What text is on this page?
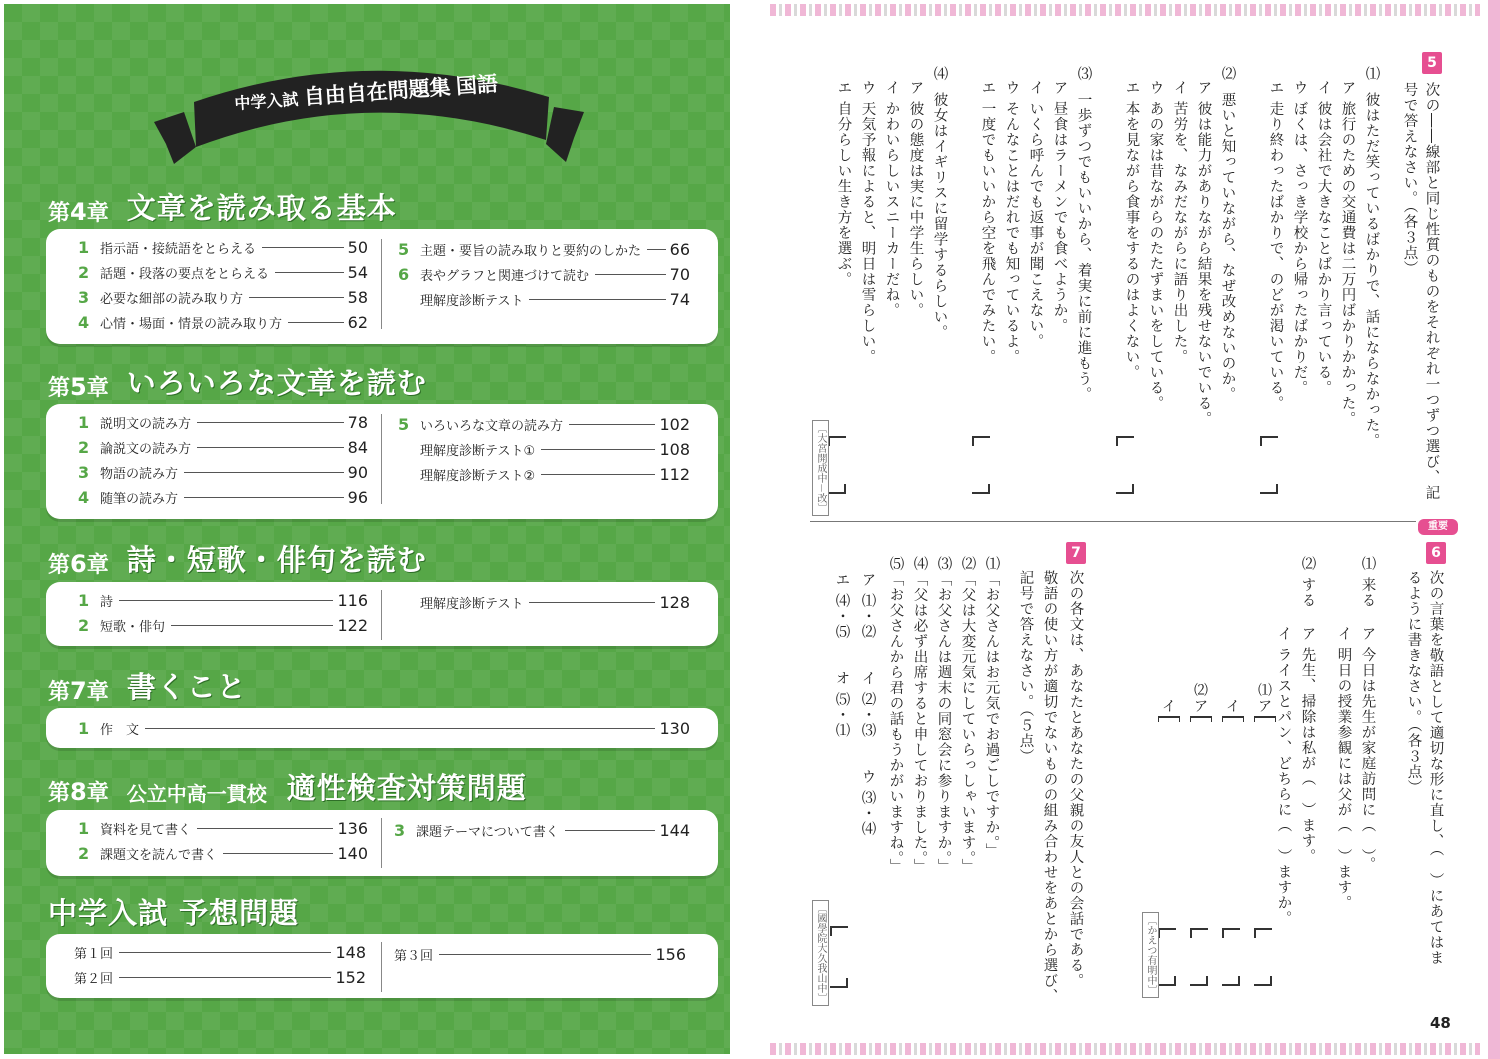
中学入試 自由自在問題集 国語
第4章 文章を読み取る基本
1 指示語・接続語をとらえる	50
2 話題・段落の要点をとらえる	54
3 必要な細部の読み取り方	58
4 心情・場面・情景の読み取り方	62
5 主題・要旨の読み取りと要約のしかた 66
6 表やグラフと関連づけて読む	70
理解度診断テスト	74
第5章 いろいろな文章を読む
1 説明文の読み方	78
2 論説文の読み方	84
3 物語の読み方	90
4 随筆の読み方	96
5 いろいろな文章の読み方	102
理解度診断テスト①	108
理解度診断テスト②	112
第6章 詩・短歌・俳句を読む
1 詩	116
2 短歌・俳句	122
理解度診断テスト	128
第7章 書くこと
1 作　文	130
第8章 公立中高一貫校 適性検査対策問題
1 資料を見て書く	136
2 課題文を読んで書く	140
3 課題テーマについて書く	144
中学入試 予想問題
第１回	148
第２回	152
第３回	156
5
次の――線部と同じ性質のものをそれぞれ一つずつ選び、記
号で答えなさい。（各３点）
⑴
彼はただ笑っているばかりで、話にならなかった。
ア 旅行のための交通費は二万円ばかりかかった。
イ 彼は会社で大きなことばかり言っている。
ウ ぼくは、さっき学校から帰ったばかりだ。
エ 走り終わったばかりで、のどが渇いている。
⑵
悪いと知っていながら、なぜ改めないのか。
ア 彼は能力がありながら結果を残せないでいる。
イ 苦労を、なみだながらに語り出した。
ウ あの家は昔ながらのたたずまいをしている。
エ 本を見ながら食事をするのはよくない。
⑶
一歩ずつでもいいから、着実に前に進もう。
ア 昼食はラーメンでも食べようか。
イ いくら呼んでも返事が聞こえない。
ウ そんなことはだれでも知っているよ。
エ 一度でもいいから空を飛んでみたい。
⑷
彼女はイギリスに留学するらしい。
ア 彼の態度は実に中学生らしい。
イ かわいらしいスニーカーだね。
ウ 天気予報によると、明日は雪らしい。
エ 自分らしい生き方を選ぶ。
〔大宮開成中－改〕
重要
6
次の言葉を敬語として適切な形に直し、（　）にあてはま
るように書きなさい。（各３点）
⑴ 来る
ア 今日は先生が家庭訪問に（　）。
イ 明日の授業参観には父が（　）ます。
⑵ する
ア 先生、掃除は私が（　）ます。
イ ライスとパン、どちらに（　）ますか。
⑴
ア
イ
⑵
ア
イ
〔かえつ有明中〕
7
次の各文は、あなたとあなたの父親の友人との会話である。
敬語の使い方が適切でないものの組み合わせをあとから選び、
記号で答えなさい。（５点）
⑴「お父さんはお元気でお過ごしですか。」
⑵「父は大変元気にしていらっしゃいます。」
⑶「お父さんは週末の同窓会に参りますか。」
⑷「父は必ず出席すると申しておりました。」
⑸「お父さんから君の話もうかがいますね。」
ア ⑴・⑵　　イ ⑵・⑶　　ウ ⑶・⑷
エ ⑷・⑸　　オ ⑸・⑴
〔國學院大久我山中〕
48
